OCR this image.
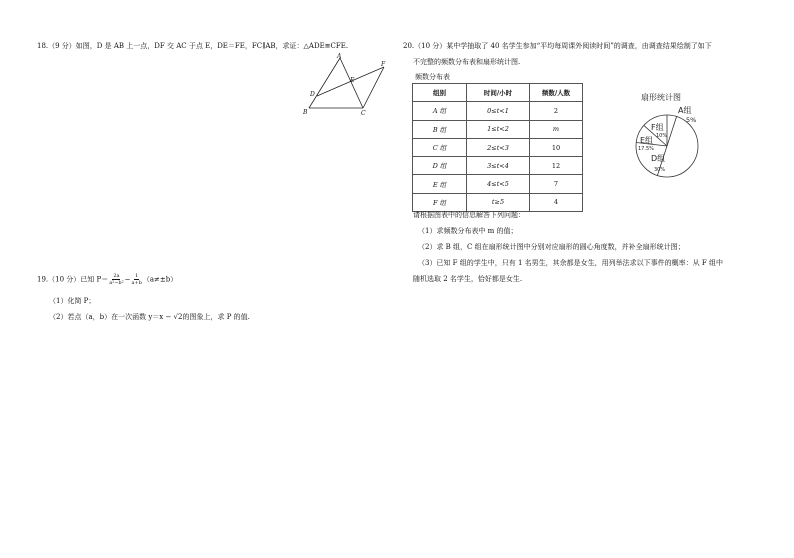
18.（9 分）如图，D 是 AB 上一点，DF 交 AC 于点 E，DE＝FE，FC∥AB，求证：△ADE≌CFE.
A
B	C
D
E
F
19.（10 分）已知 $P= \frac{2a}{\text{a²−b²}} - \frac{1}{a+b} (a\ne\pm b)$
（1）化简 P；
（2）若点（a，b）在一次函数 y＝x − √2的图象上，求 P 的值.
20.（10 分）某中学抽取了 40 名学生参加“平均每周课外阅读时间”的调查，由调查结果绘制了如下
不完整的频数分布表和扇形统计图.
频数分布表
组别	时间/小时	频数/人数
A 组	0≤t<1	2
B 组	1≤t<2	m
C 组	2≤t<3	10
D 组	3≤t<4	12
E 组	4≤t<5	7
F 组	t≥5	4
扇形统计图
A组
5%
F组
10%
E组
17.5%
D组
30%
请根据图表中的信息解答下列问题：
（1）求频数分布表中 m 的值；
（2）求 B 组，C 组在扇形统计图中分别对应扇形的圆心角度数，并补全扇形统计图；
（3）已知 F 组的学生中，只有 1 名男生，其余都是女生，用列举法求以下事件的概率：从 F 组中
随机选取 2 名学生，恰好都是女生.
